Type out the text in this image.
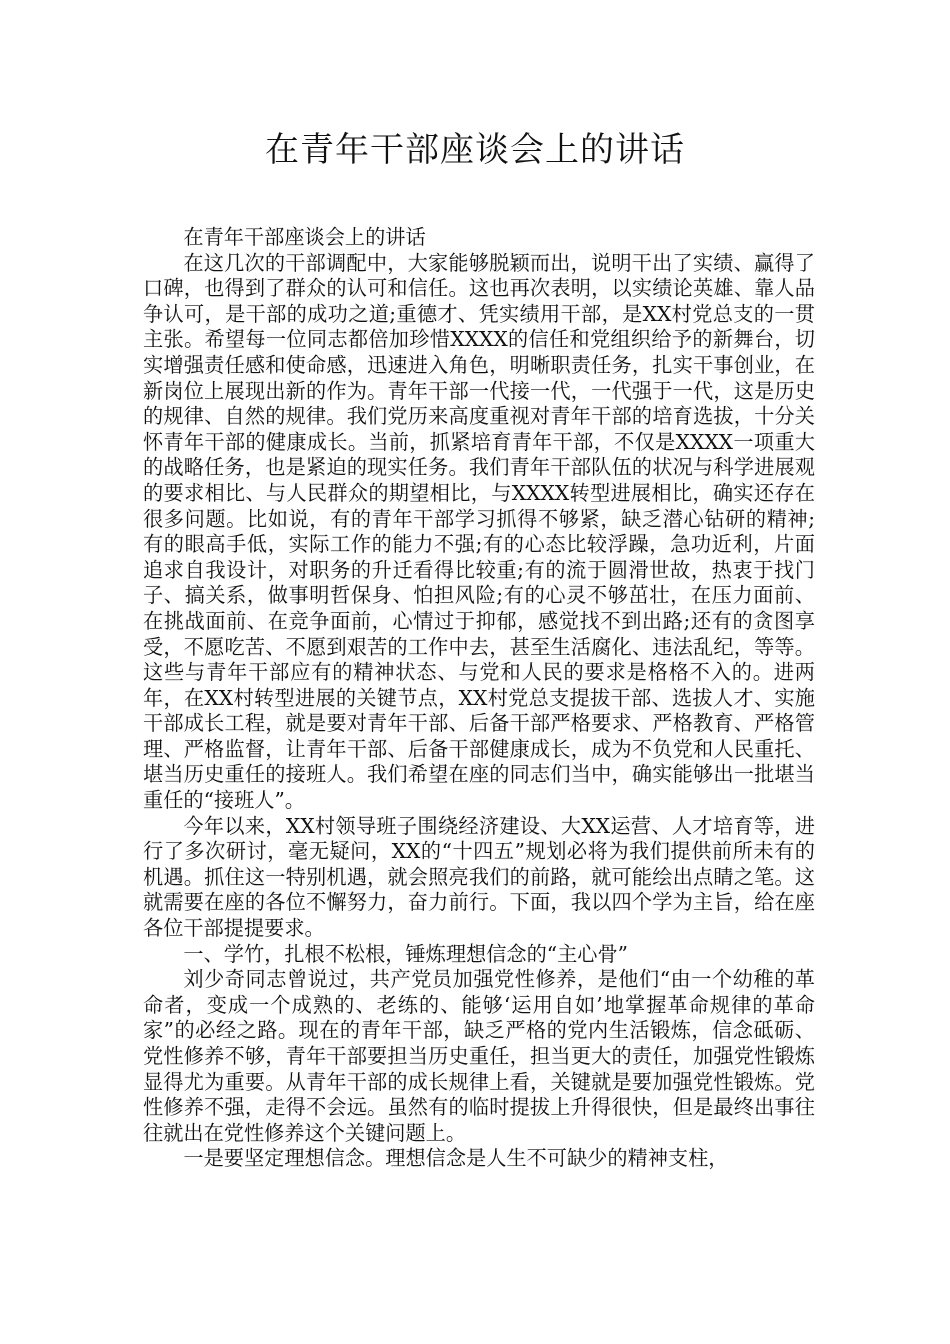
在青年干部座谈会上的讲话

在青年干部座谈会上的讲话

在这几次的干部调配中，大家能够脱颖而出，说明干出了实绩、赢得了口碑，也得到了群众的认可和信任。这也再次表明，以实绩论英雄、靠人品争认可，是干部的成功之道;重德才、凭实绩用干部，是XX村党总支的一贯主张。希望每一位同志都倍加珍惜XXXX的信任和党组织给予的新舞台，切实增强责任感和使命感，迅速进入角色，明晰职责任务，扎实干事创业，在新岗位上展现出新的作为。青年干部一代接一代，一代强于一代，这是历史的规律、自然的规律。我们党历来高度重视对青年干部的培育选拔，十分关怀青年干部的健康成长。当前，抓紧培育青年干部，不仅是XXXX一项重大的战略任务，也是紧迫的现实任务。我们青年干部队伍的状况与科学进展观的要求相比、与人民群众的期望相比，与XXXX转型进展相比，确实还存在很多问题。比如说，有的青年干部学习抓得不够紧，缺乏潜心钻研的精神;有的眼高手低，实际工作的能力不强;有的心态比较浮躁，急功近利，片面追求自我设计，对职务的升迁看得比较重;有的流于圆滑世故，热衷于找门子、搞关系，做事明哲保身、怕担风险;有的心灵不够茁壮，在压力面前、在挑战面前、在竞争面前，心情过于抑郁，感觉找不到出路;还有的贪图享受，不愿吃苦、不愿到艰苦的工作中去，甚至生活腐化、违法乱纪，等等。这些与青年干部应有的精神状态、与党和人民的要求是格格不入的。进两年，在XX村转型进展的关键节点，XX村党总支提拔干部、选拔人才、实施干部成长工程，就是要对青年干部、后备干部严格要求、严格教育、严格管理、严格监督，让青年干部、后备干部健康成长，成为不负党和人民重托、堪当历史重任的接班人。我们希望在座的同志们当中，确实能够出一批堪当重任的“接班人”。

今年以来，XX村领导班子围绕经济建设、大XX运营、人才培育等，进行了多次研讨，毫无疑问，XX的“十四五”规划必将为我们提供前所未有的机遇。抓住这一特别机遇，就会照亮我们的前路，就可能绘出点睛之笔。这就需要在座的各位不懈努力，奋力前行。下面，我以四个学为主旨，给在座各位干部提提要求。

一、学竹，扎根不松根，锤炼理想信念的“主心骨”

刘少奇同志曾说过，共产党员加强党性修养，是他们“由一个幼稚的革命者，变成一个成熟的、老练的、能够‘运用自如’地掌握革命规律的革命家”的必经之路。现在的青年干部，缺乏严格的党内生活锻炼，信念砥砺、党性修养不够，青年干部要担当历史重任，担当更大的责任，加强党性锻炼显得尤为重要。从青年干部的成长规律上看，关键就是要加强党性锻炼。党性修养不强，走得不会远。虽然有的临时提拔上升得很快，但是最终出事往往就出在党性修养这个关键问题上。

一是要坚定理想信念。理想信念是人生不可缺少的精神支柱，
